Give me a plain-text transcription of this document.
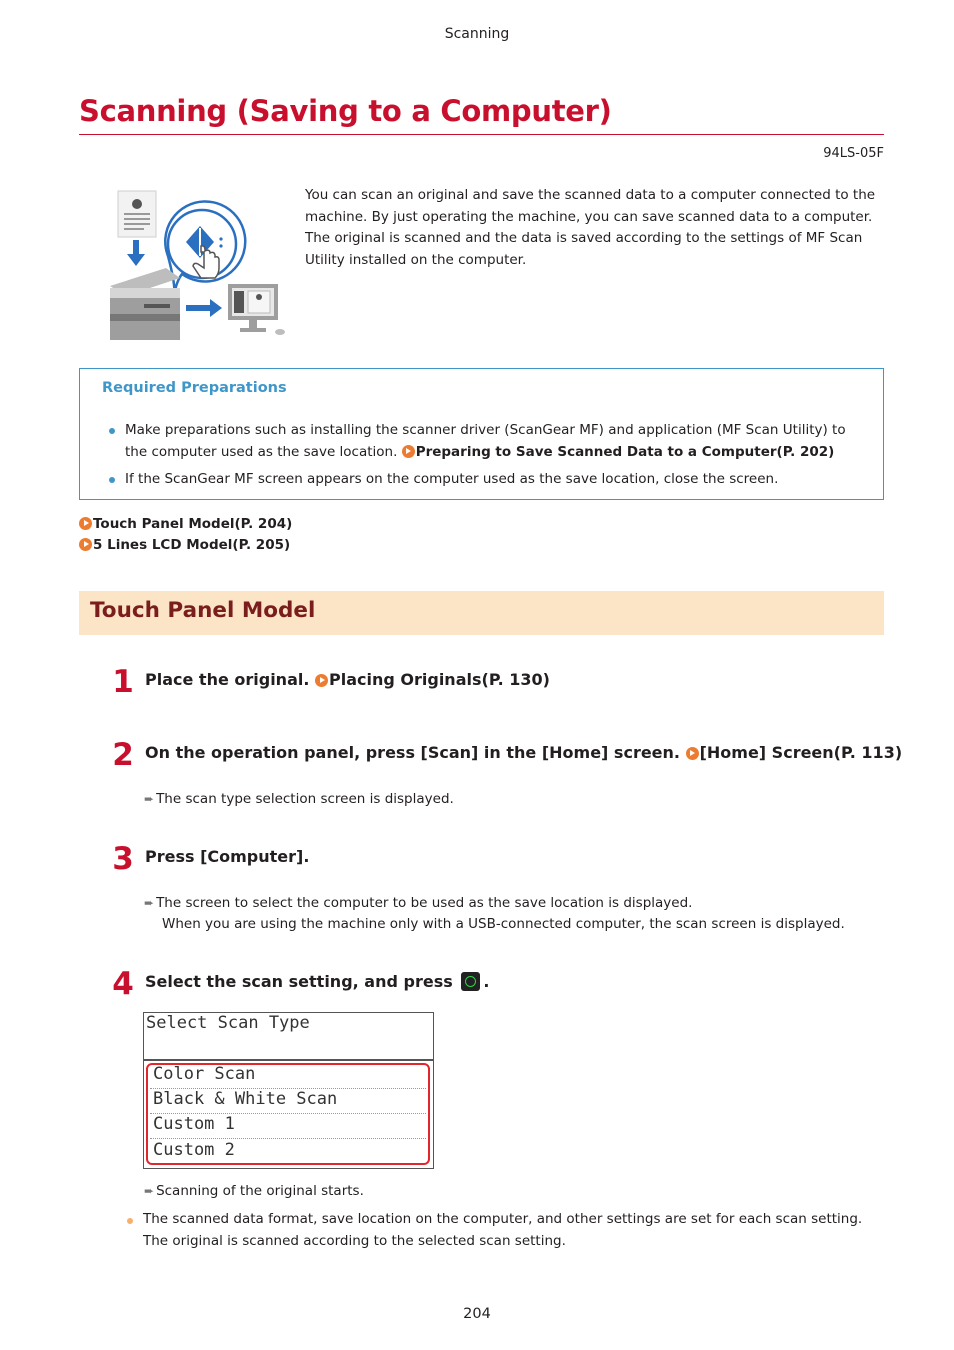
Scanning
Scanning (Saving to a Computer)
94LS-05F

You can scan an original and save the scanned data to a computer connected to the machine. By just operating the machine, you can save scanned data to a computer. The original is scanned and the data is saved according to the settings of MF Scan Utility installed on the computer.

Required Preparations
Make preparations such as installing the scanner driver (ScanGear MF) and application (MF Scan Utility) to the computer used as the save location. Preparing to Save Scanned Data to a Computer(P. 202)
If the ScanGear MF screen appears on the computer used as the save location, close the screen.
Touch Panel Model(P. 204)
5 Lines LCD Model(P. 205)
Touch Panel Model
1 Place the original. Placing Originals(P. 130)
2 On the operation panel, press [Scan] in the [Home] screen. [Home] Screen(P. 113)
➨ The scan type selection screen is displayed.
3 Press [Computer].
➨ The screen to select the computer to be used as the save location is displayed.
When you are using the machine only with a USB-connected computer, the scan screen is displayed.
4 Select the scan setting, and press
.
Select Scan Type
Color Scan
Black & White Scan
Custom 1
Custom 2
➨ Scanning of the original starts.
The scanned data format, save location on the computer, and other settings are set for each scan setting. The original is scanned according to the selected scan setting.
204
